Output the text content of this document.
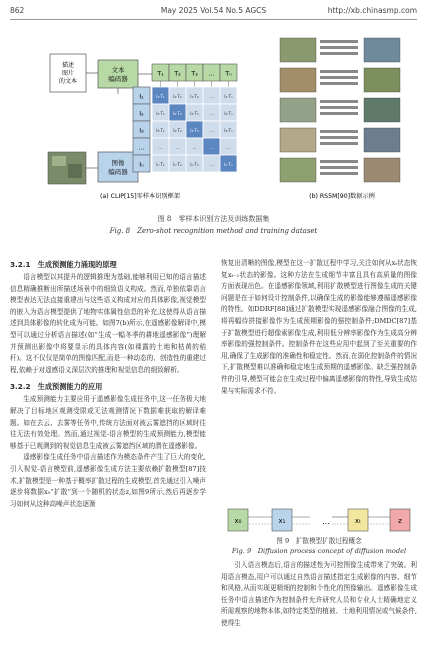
862	May 2025 Vol.54 No.5 AGCS	http://xb.chinasmp.com
描述
图片
的文本
文本
编码器
T₁ T₂ T₃ … Tₙ
I₁·T₁ I₁·T₂ I₁·T₃	…	I₁·Tₙ
I₂·T₁ I₂·T₂ I₂·T₃	…	I₂·Tₙ
I₃·T₁ I₃·T₂ I₃·T₃	…	I₃·Tₙ
…	…	…	…	…
Iₙ·T₁ Iₙ·T₂ Iₙ·T₃	…	Iₙ·Tₙ
图像
编码器
I₁
I₂
I₃
…
Iₙ
(a) CLIP[15]零样本识别框架	(b) RS5M[90]数据示例
图 8　零样本识别方法及训练数据集
Fig. 8　Zero-shot recognition method and training dataset
3.2.1　生成预测能力涌现的原理

语言模型以其提升的逻辑推理为基础,能够利用已知的语言描述信息精确推断出所描述场景中的细致语义构成。然而,单独依靠语言模型表达无法直接重建出与这些语义构成对应的具体影像,视觉模型的嵌入为语言模型提供了地物实体属性信息的补充,这使得从语言描述到具体影像的转化成为可能。如图7(b)所示,在遥感影像解译中,模型可以通过分析语言描述(如“生成一幅冬季的耕地遥感影像”)理解并预测出影像中将要显示的具体内容(如裸露的土地和枯黄的秸秆)。这不仅仅是简单的图像匹配,而是一种动态的、创造性的重建过程,依赖于对遥感语义深层次的推理和视觉信息的细致解析。

3.2.2　生成预测能力的应用

生成预测能力主要应用于遥感影像生成任务中,这一任务极大地解决了目标地区观测受限或无法观测情况下数据难获取的解译难题。如在去云、去雾等任务中,传统方法面对被云雾遮挡的区域时往往无法有效处理。然而,通过视觉-语言模型的生成预测能力,模型能够基于已观测到的视觉信息生成被云雾遮挡区域的潜在遥感影像。

遥感影像生成任务中语言描述作为模态条件产生了巨大的变化,引入视觉-语言模型前,遥感影像生成方法主要依赖扩散模型[87]技术,扩散模型是一种基于概率扩散过程的生成模型,首先通过引入噪声逐步将数据x₀“扩散”到一个随机的状态z,如图9所示,然后再逐步学习如何从这种高噪声状态逐渐

恢复出清晰的图像,模型在这一扩散过程中学习,关注如何从xₜ状态恢复xₜ₋₁状态的影像。这种方法在生成细节丰富且具有高质量的图像方面表现出色。在遥感影像领域,利用扩散模型进行图像生成的关键问题是在于如何设计控制条件,以确保生成的影像能够遵循遥感影像的特性。如DDRF[88]通过扩散模型实现遥感影像融合图像的生成,将再幅待拼接影像作为生成预期影像的强控制条件;DMDC[87]基于扩散模型进行超像素影像生成,利用低分辨率影像作为生成高分辨率影像的强控制条件。控制条件在这些应用中起到了至关重要的作用,确保了生成影像的准确性和稳定性。然而,在弱化控制条件的情况下,扩散模型难以准确和稳定地生成预期的遥感影像。缺乏强控制条件的引导,模型可能会在生成过程中偏离遥感影像的特性,导致生成结果与实际需求不符。

x₀	x₁	…	xₜ	z
图 9　扩散模型扩散过程概念
Fig. 9　Diffusion process concept of diffusion model

引入语言模态后,语言的描述性为可控图像生成带来了突破。利用语言模态,用户可以通过自然语言描述指定生成影像的内容、细节和风格,从而实现更精细的控制和个性化的图像输出。遥感影像生成任务中语言描述作为控制条件允许研究人员和专业人士精确地定义所需观察的地物本体,如特定类型的植被、土地利用情况或气候条件,使得生
